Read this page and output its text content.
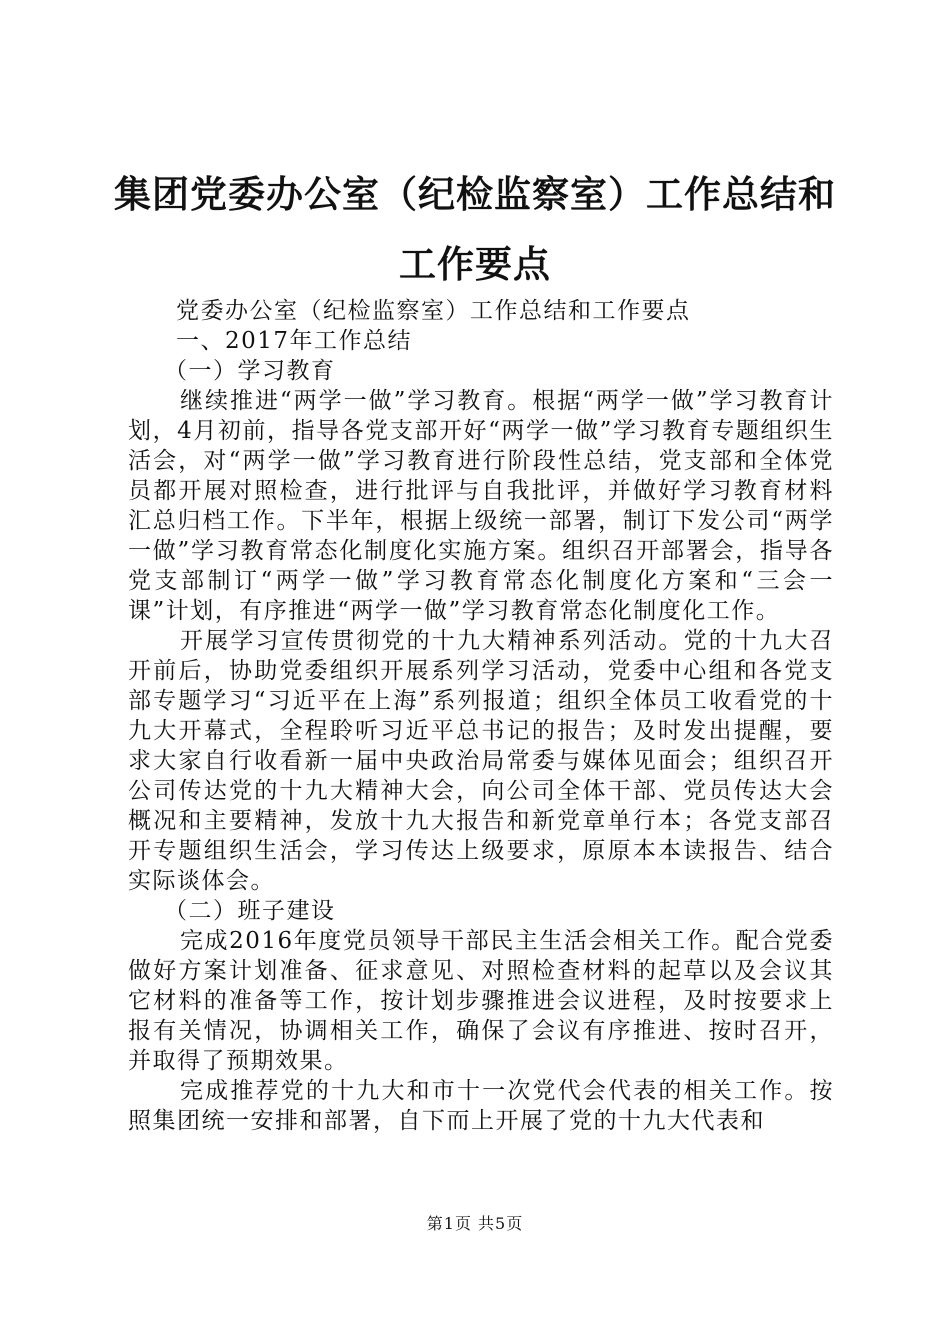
集团党委办公室（纪检监察室）工作总结和工作要点

党委办公室（纪检监察室）工作总结和工作要点

一、2017年工作总结

（一）学习教育

继续推进“两学一做”学习教育。根据“两学一做”学习教育计划，4月初前，指导各党支部开好“两学一做”学习教育专题组织生活会，对“两学一做”学习教育进行阶段性总结，党支部和全体党员都开展对照检查，进行批评与自我批评，并做好学习教育材料汇总归档工作。下半年，根据上级统一部署，制订下发公司“两学一做”学习教育常态化制度化实施方案。组织召开部署会，指导各党支部制订“两学一做”学习教育常态化制度化方案和“三会一课”计划，有序推进“两学一做”学习教育常态化制度化工作。

开展学习宣传贯彻党的十九大精神系列活动。党的十九大召开前后，协助党委组织开展系列学习活动，党委中心组和各党支部专题学习“习近平在上海”系列报道；组织全体员工收看党的十九大开幕式，全程聆听习近平总书记的报告；及时发出提醒，要求大家自行收看新一届中央政治局常委与媒体见面会；组织召开公司传达党的十九大精神大会，向公司全体干部、党员传达大会概况和主要精神，发放十九大报告和新党章单行本；各党支部召开专题组织生活会，学习传达上级要求，原原本本读报告、结合实际谈体会。

（二）班子建设

完成2016年度党员领导干部民主生活会相关工作。配合党委做好方案计划准备、征求意见、对照检查材料的起草以及会议其它材料的准备等工作，按计划步骤推进会议进程，及时按要求上报有关情况，协调相关工作，确保了会议有序推进、按时召开，并取得了预期效果。

完成推荐党的十九大和市十一次党代会代表的相关工作。按照集团统一安排和部署，自下而上开展了党的十九大代表和

第1页 共5页
